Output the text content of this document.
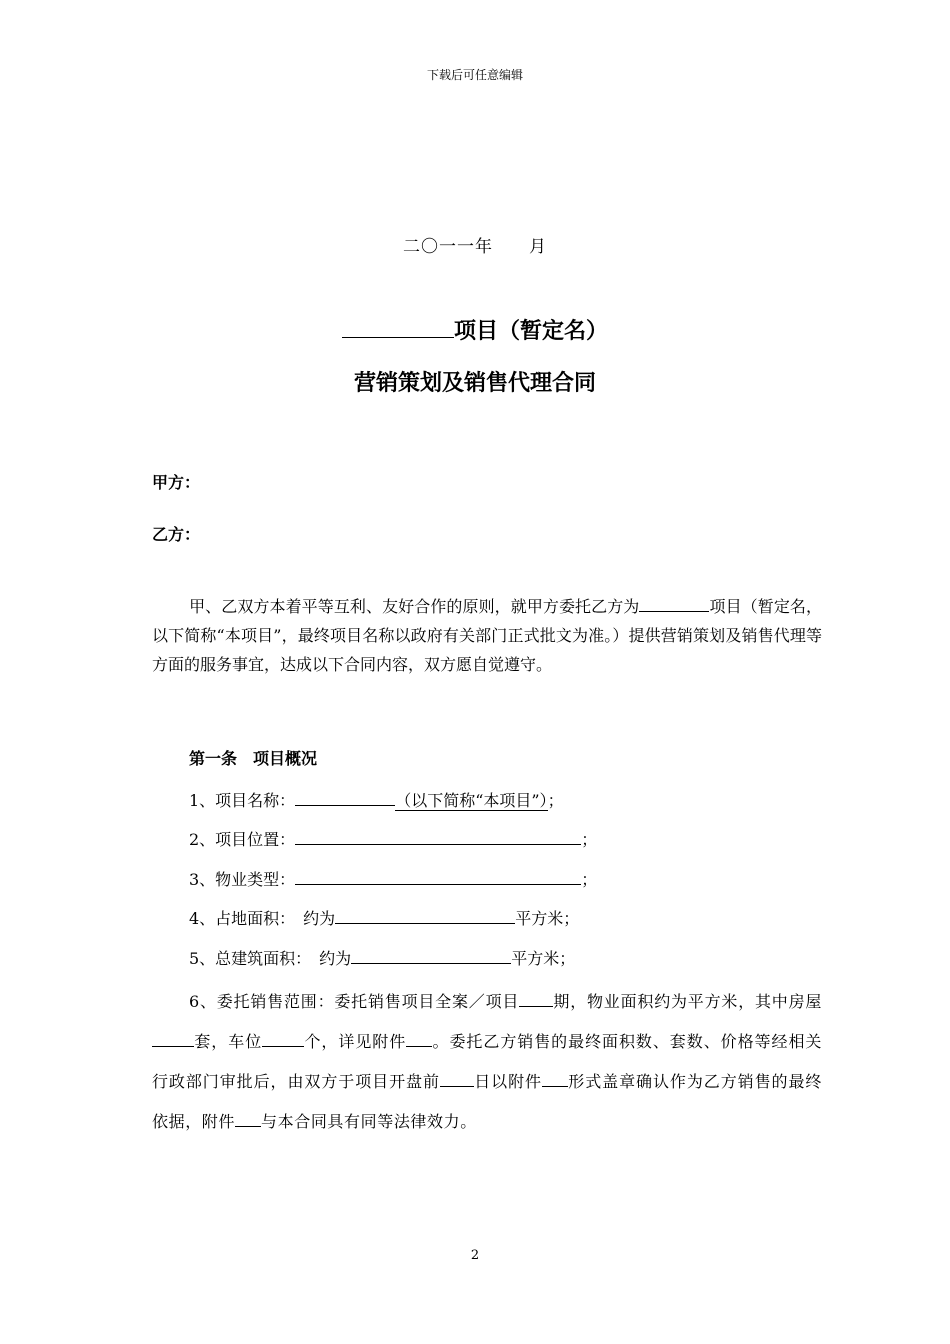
下载后可任意编辑
二〇一一年　　月
项目（暂定名）
营销策划及销售代理合同
甲方：
乙方：
甲、乙双方本着平等互利、友好合作的原则，就甲方委托乙方为	项目（暂定名，以下简称“本项目”，最终项目名称以政府有关部门正式批文为准。）提供营销策划及销售代理等方面的服务事宜，达成以下合同内容，双方愿自觉遵守。
第一条　项目概况
1、项目名称：	（以下简称“本项目”）；
2、项目位置：	；
3、物业类型：	；
4、占地面积：　约为	平方米；
5、总建筑面积：　约为	平方米；
6、委托销售范围：委托销售项目全案／项目 期，物业面积约为平方米，其中房屋套，车位	个，详见附件 。委托乙方销售的最终面积数、套数、价格等经相关行政部门审批后，由双方于项目开盘前 日以附件 形式盖章确认作为乙方销售的最终依据，附件 与本合同具有同等法律效力。
2
